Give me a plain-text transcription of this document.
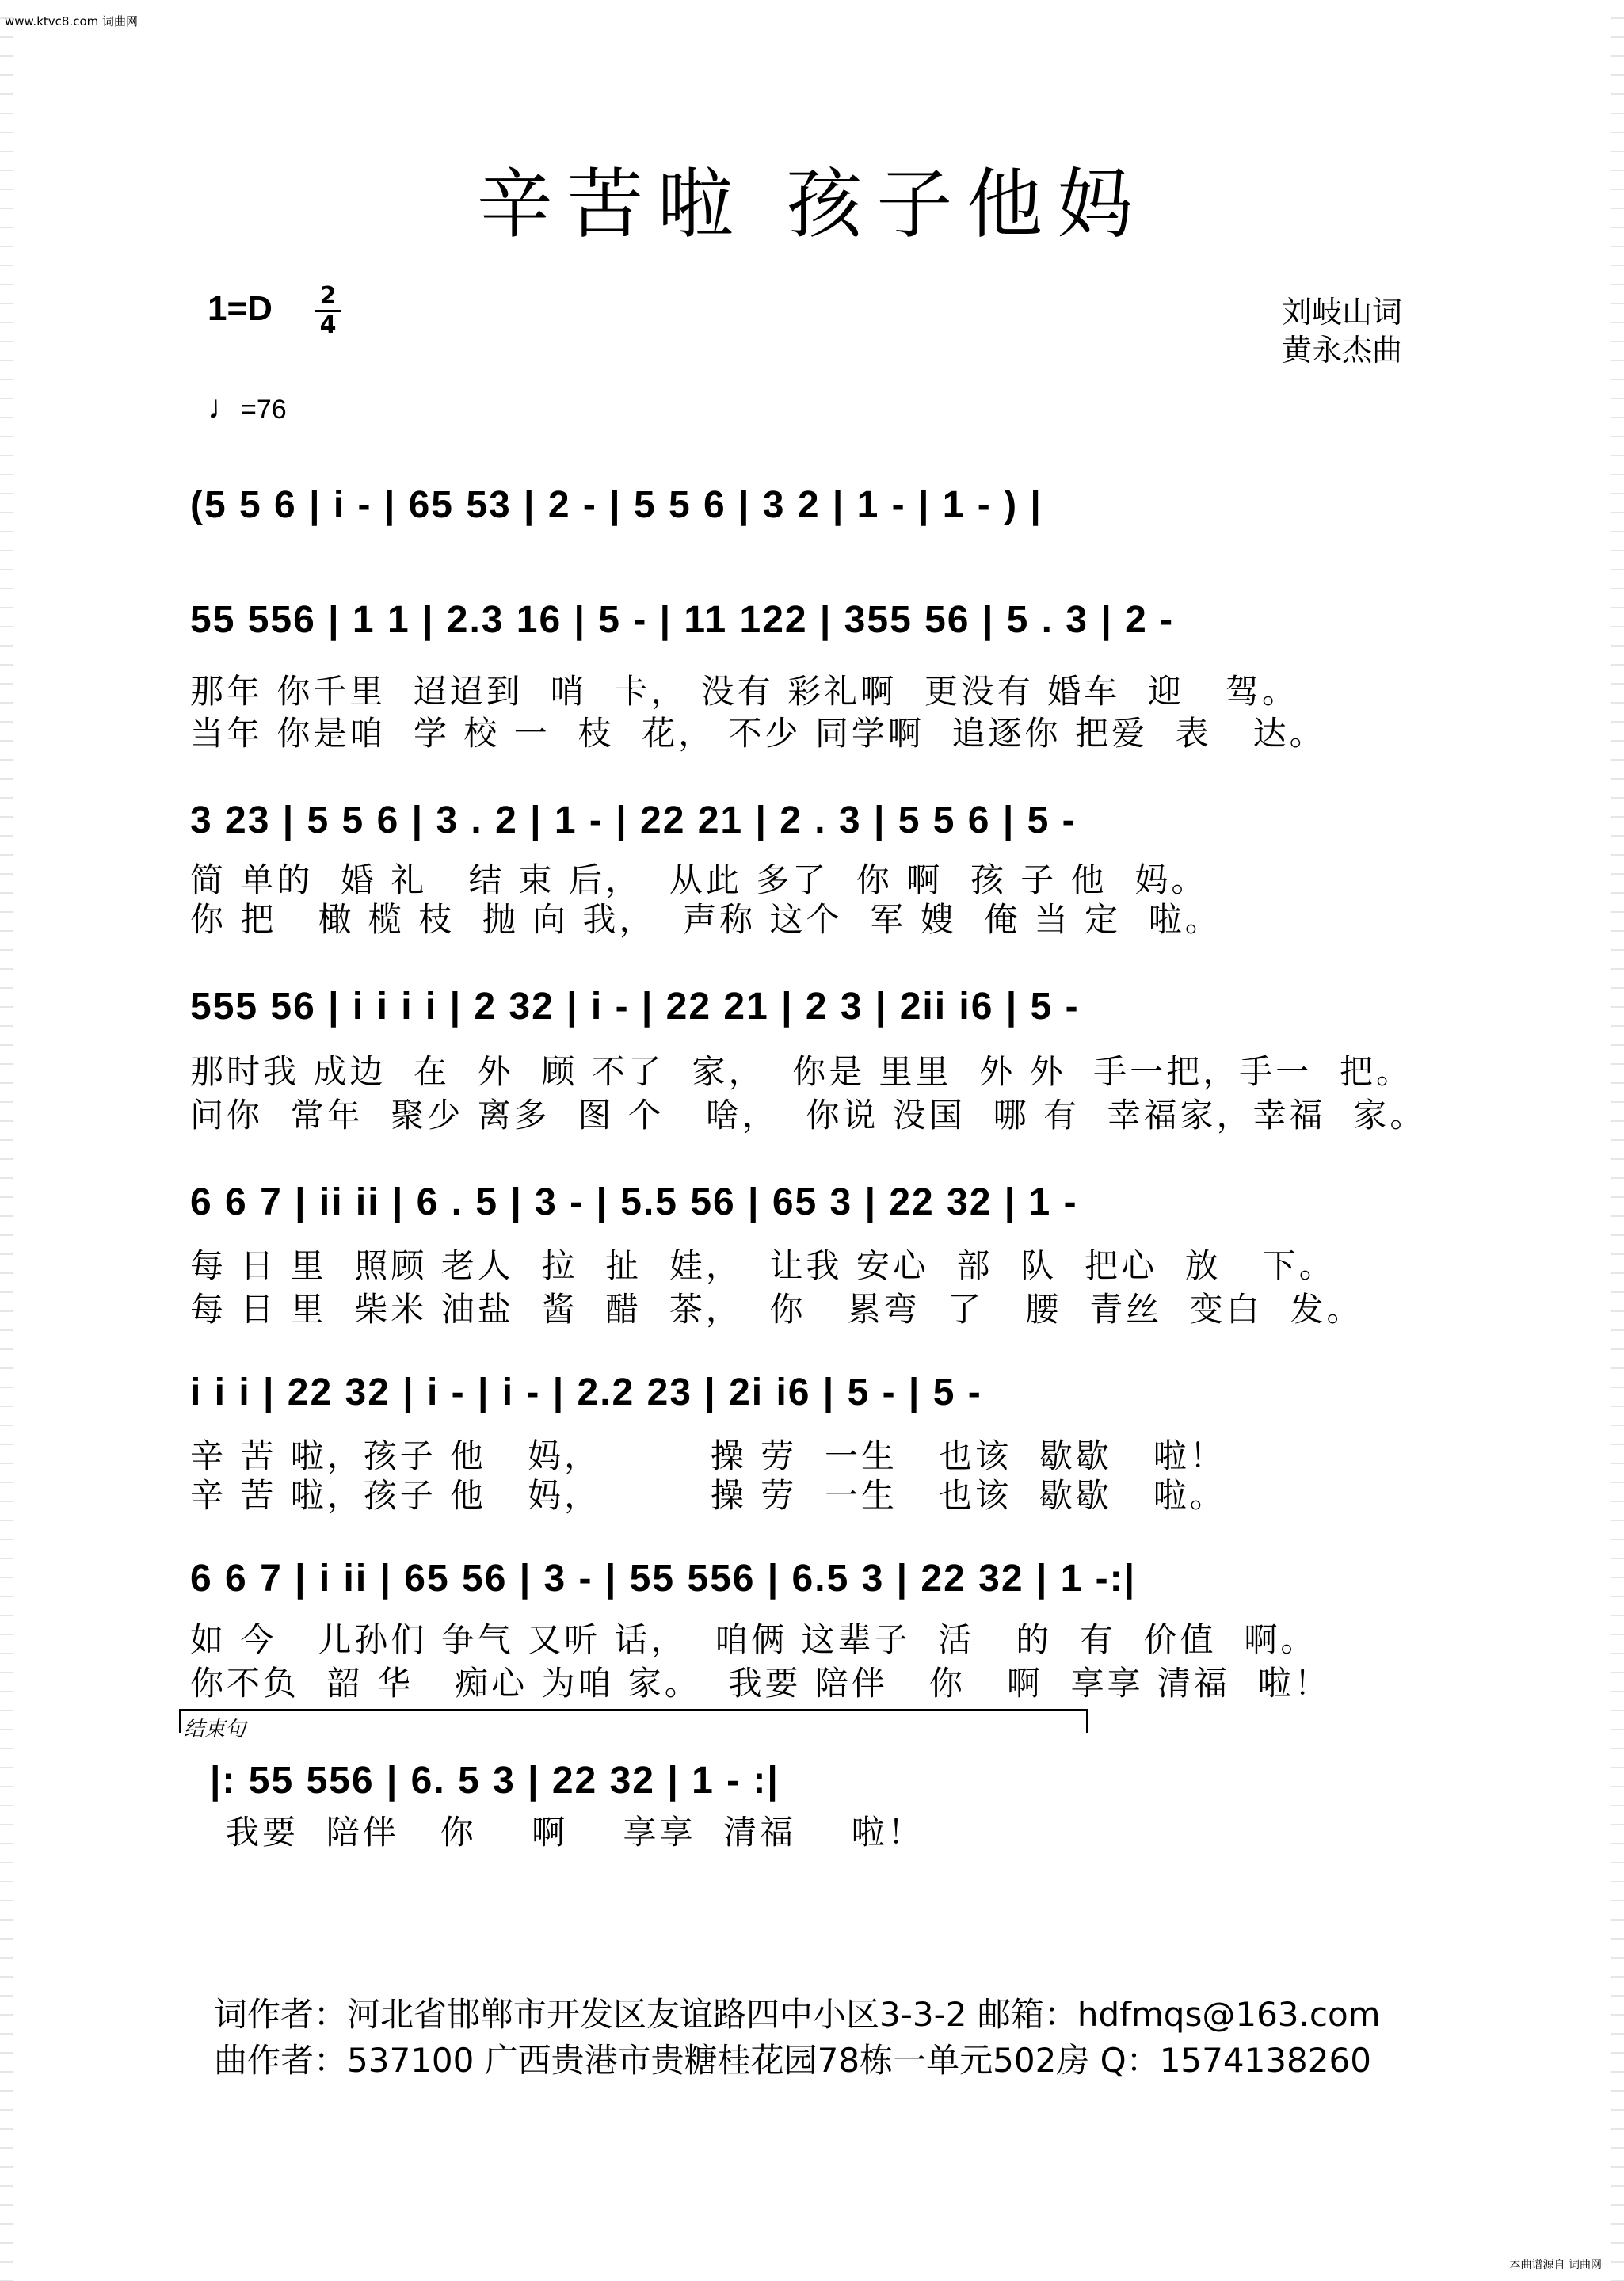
www.ktvc8.com 词曲网
辛苦啦 孩子他妈
1=D 2
4	刘岐山词
黄永杰曲
♩=76
(5 5 6 | i - | 65 53 | 2 - | 5 5 6 | 3 2 | 1 - | 1 - ) |
55 556 | 1 1 | 2.3 16 | 5 - | 11 122 | 355 56 | 5 . 3 | 2 -
那年 你千里  迢迢到  哨  卡， 没有 彩礼啊  更没有 婚车  迎   驾。
当年 你是咱  学 校 一  枝  花， 不少 同学啊  追逐你 把爱  表   达。
3 23 | 5 5 6 | 3 . 2 | 1 - | 22 21 | 2 . 3 | 5 5 6 | 5 -
简 单的  婚 礼   结 束 后，  从此 多了  你 啊  孩 子 他  妈。
你 把   橄 榄 枝  抛 向 我，  声称 这个  军 嫂  俺 当 定  啦。
555 56 | i i i i | 2 32 | i - | 22 21 | 2 3 | 2ii i6 | 5 -
那时我 成边  在  外  顾 不了  家，  你是 里里  外 外  手一把，手一  把。
问你  常年  聚少 离多  图 个   啥，  你说 没国  哪 有  幸福家，幸福  家。
6 6 7 | ii ii | 6 . 5 | 3 - | 5.5 56 | 65 3 | 22 32 | 1 -
每 日 里  照顾 老人  拉  扯  娃，  让我 安心  部  队  把心  放   下。
每 日 里  柴米 油盐  酱  醋  茶，  你   累弯  了   腰  青丝  变白  发。
i i i | 22 32 | i - | i - | 2.2 23 | 2i i6 | 5 - | 5 -
辛 苦 啦，孩子 他   妈，        操 劳  一生   也该  歇歇   啦！
辛 苦 啦，孩子 他   妈，        操 劳  一生   也该  歇歇   啦。
6 6 7 | i ii | 65 56 | 3 - | 55 556 | 6.5 3 | 22 32 | 1 -:|
如 今   儿孙们 争气 又听 话，  咱俩 这辈子  活   的  有  价值  啊。
你不负  韶 华   痴心 为咱 家。  我要 陪伴   你   啊  享享 清福  啦！
结束句
|: 55 556 | 6. 5 3 | 22 32 | 1 - :|
我要  陪伴   你    啊    享享  清福    啦！
词作者：河北省邯郸市开发区友谊路四中小区3-3-2 邮箱：hdfmqs@163.com
曲作者：537100 广西贵港市贵糖桂花园78栋一单元502房 Q：1574138260
本曲谱源自 词曲网
